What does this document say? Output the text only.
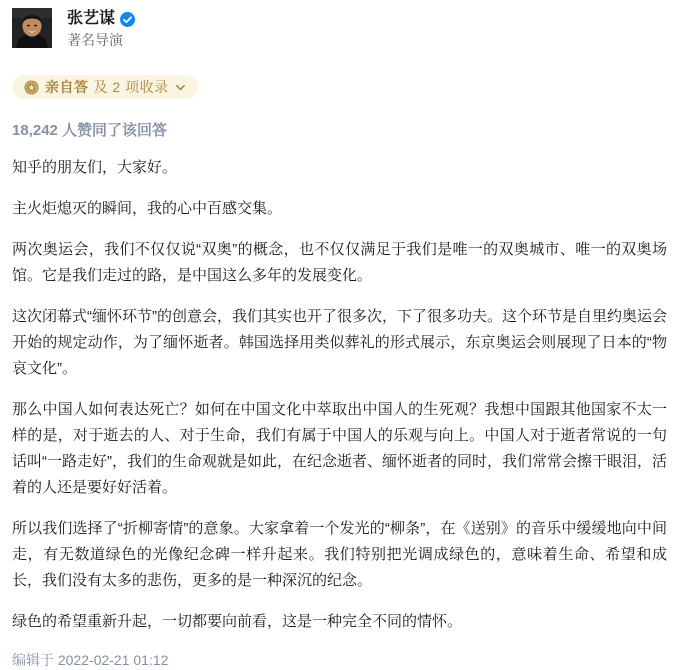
张艺谋
著名导演
亲自答 及 2 项收录
18,242 人赞同了该回答

知乎的朋友们，大家好。

主火炬熄灭的瞬间，我的心中百感交集。

两次奥运会，我们不仅仅说“双奥”的概念，也不仅仅满足于我们是唯一的双奥城市、唯一的双奥场馆。它是我们走过的路，是中国这么多年的发展变化。

这次闭幕式“缅怀环节”的创意会，我们其实也开了很多次，下了很多功夫。这个环节是自里约奥运会开始的规定动作，为了缅怀逝者。韩国选择用类似葬礼的形式展示，东京奥运会则展现了日本的“物哀文化”。

那么中国人如何表达死亡？如何在中国文化中萃取出中国人的生死观？我想中国跟其他国家不太一样的是，对于逝去的人、对于生命，我们有属于中国人的乐观与向上。中国人对于逝者常说的一句话叫“一路走好”，我们的生命观就是如此，在纪念逝者、缅怀逝者的同时，我们常常会擦干眼泪，活着的人还是要好好活着。

所以我们选择了“折柳寄情”的意象。大家拿着一个发光的“柳条”，在《送别》的音乐中缓缓地向中间走，有无数道绿色的光像纪念碑一样升起来。我们特别把光调成绿色的，意味着生命、希望和成长，我们没有太多的悲伤，更多的是一种深沉的纪念。

绿色的希望重新升起，一切都要向前看，这是一种完全不同的情怀。

编辑于 2022-02-21 01:12
